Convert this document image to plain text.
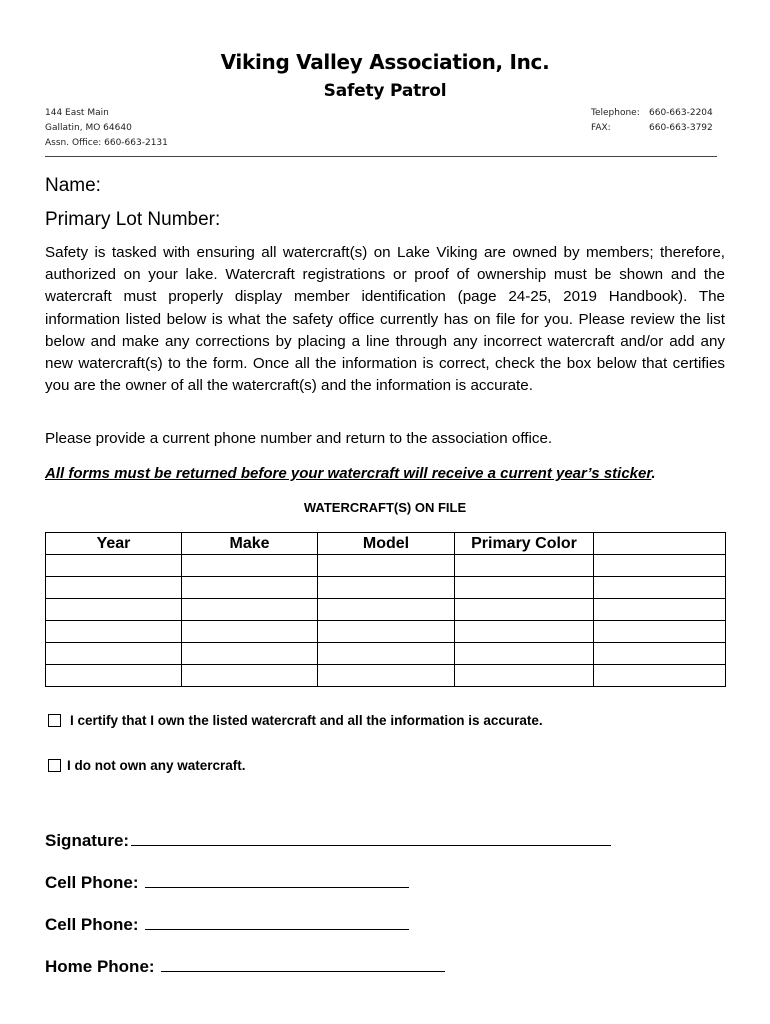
Viking Valley Association, Inc.
Safety Patrol
144 East Main
Gallatin, MO 64640
Assn. Office: 660-663-2131
Telephone:	660-663-2204
FAX:	660-663-3792
Name:
Primary Lot Number:
Safety is tasked with ensuring all watercraft(s) on Lake Viking are owned by members; therefore, authorized on your lake. Watercraft registrations or proof of ownership must be shown and the watercraft must properly display member identification (page 24-25, 2019 Handbook). The information listed below is what the safety office currently has on file for you. Please review the list below and make any corrections by placing a line through any incorrect watercraft and/or add any new watercraft(s) to the form. Once all the information is correct, check the box below that certifies you are the owner of all the watercraft(s) and the information is accurate.
Please provide a current phone number and return to the association office.
All forms must be returned before your watercraft will receive a current year’s sticker.
WATERCRAFT(S) ON FILE
Year	Make	Model	Primary Color	

I certify that I own the listed watercraft and all the information is accurate.
I do not own any watercraft.
Signature:
Cell Phone:
Cell Phone:
Home Phone:
